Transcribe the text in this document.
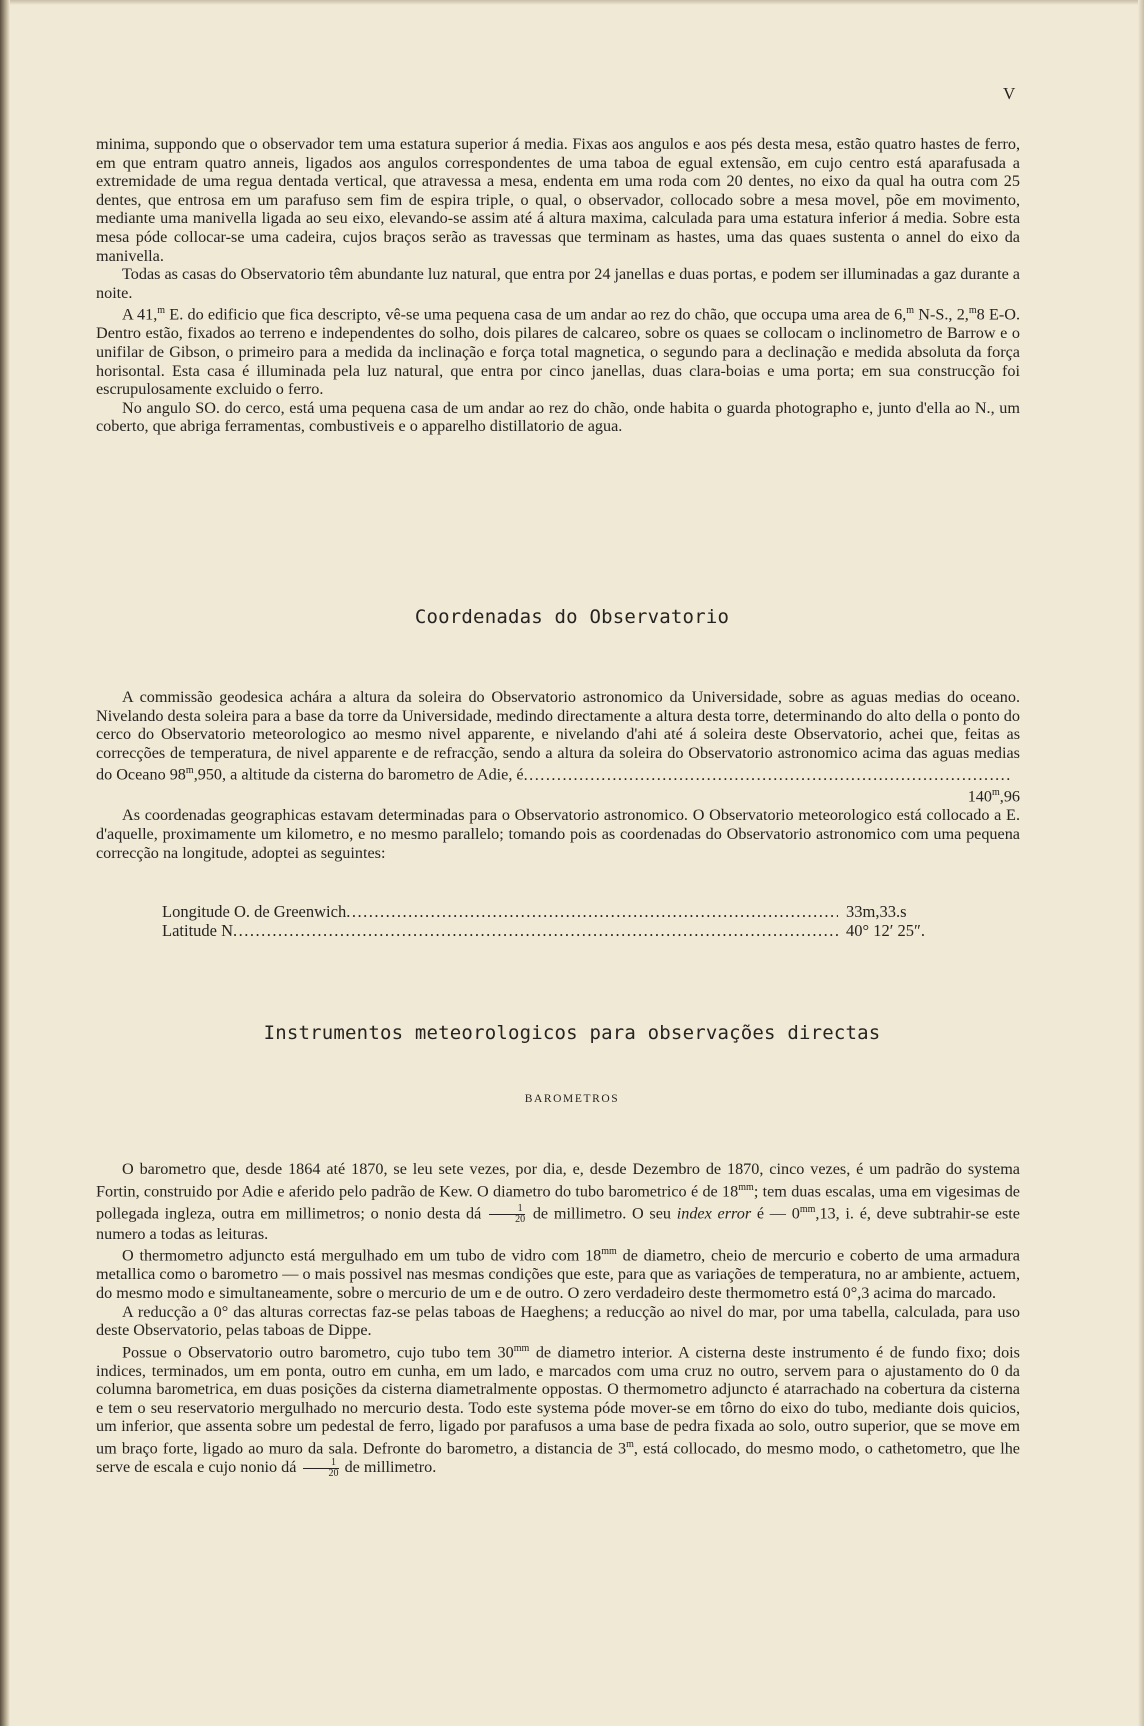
V

minima, suppondo que o observador tem uma estatura superior á media. Fixas aos angulos e aos pés desta mesa, estão quatro hastes de ferro, em que entram quatro anneis, ligados aos angulos correspondentes de uma taboa de egual extensão, em cujo centro está aparafusada a extremidade de uma regua dentada vertical, que atravessa a mesa, endenta em uma roda com 20 dentes, no eixo da qual ha outra com 25 dentes, que entrosa em um parafuso sem fim de espira triple, o qual, o observador, collocado sobre a mesa movel, põe em movimento, mediante uma manivella ligada ao seu eixo, elevando-se assim até á altura maxima, calculada para uma estatura inferior á media. Sobre esta mesa póde collocar-se uma cadeira, cujos braços serão as travessas que terminam as hastes, uma das quaes sustenta o annel do eixo da manivella.

Todas as casas do Observatorio têm abundante luz natural, que entra por 24 janellas e duas portas, e podem ser illuminadas a gaz durante a noite.

A 41,$^m$ E. do edificio que fica descripto, vê-se uma pequena casa de um andar ao rez do chão, que occupa uma area de 6,$^m$ N-S., 2,$^m$8 E-O. Dentro estão, fixados ao terreno e independentes do solho, dois pilares de calcareo, sobre os quaes se collocam o inclinometro de Barrow e o unifilar de Gibson, o primeiro para a medida da inclinação e força total magnetica, o segundo para a declinação e medida absoluta da força horisontal. Esta casa é illuminada pela luz natural, que entra por cinco janellas, duas clara-boias e uma porta; em sua construcção foi escrupulosamente excluido o ferro.

No angulo SO. do cerco, está uma pequena casa de um andar ao rez do chão, onde habita o guarda photographo e, junto d'ella ao N., um coberto, que abriga ferramentas, combustiveis e o apparelho distillatorio de agua.

Coordenadas do Observatorio

A commissão geodesica achára a altura da soleira do Observatorio astronomico da Universidade, sobre as aguas medias do oceano. Nivelando desta soleira para a base da torre da Universidade, medindo directamente a altura desta torre, determinando do alto della o ponto do cerco do Observatorio meteorologico ao mesmo nivel apparente, e nivelando d'ahi até á soleira deste Observatorio, achei que, feitas as correcções de temperatura, de nivel apparente e de refracção, sendo a altura da soleira do Observatorio astronomico acima das aguas medias do Oceano 98$^m$,950, a altitude da cisterna do barometro de Adie, é .....
140$^m$,96

As coordenadas geographicas estavam determinadas para o Observatorio astronomico. O Observatorio meteorologico está collocado a E. d'aquelle, proximamente um kilometro, e no mesmo parallelo; tomando pois as coordenadas do Observatorio astronomico com uma pequena correcção na longitude, adoptei as seguintes:

Longitude O. de Greenwich .....	33m,33.s
Latitude N .....	40° 12′ 25″.
Instrumentos meteorologicos para observações directas
BAROMETROS

O barometro que, desde 1864 até 1870, se leu sete vezes, por dia, e, desde Dezembro de 1870, cinco vezes, é um padrão do systema Fortin, construido por Adie e aferido pelo padrão de Kew. O diametro do tubo barometrico é de $18^{mm}$; tem duas escalas, uma em vigesimas de pollegada ingleza, outra em millimetros; o nonio desta dá $\frac{1}{20}$ de millimetro. O seu index error é — $0^{mm},13$, i. é, deve subtrahir-se este numero a todas as leituras.

O thermometro adjuncto está mergulhado em um tubo de vidro com $18^{mm}$ de diametro, cheio de mercurio e coberto de uma armadura metallica como o barometro — o mais possivel nas mesmas condições que este, para que as variações de temperatura, no ar ambiente, actuem, do mesmo modo e simultaneamente, sobre o mercurio de um e de outro. O zero verdadeiro deste thermometro está 0°,3 acima do marcado.

A reducção a 0° das alturas correctas faz-se pelas taboas de Haeghens; a reducção ao nivel do mar, por uma tabella, calculada, para uso deste Observatorio, pelas taboas de Dippe.

Possue o Observatorio outro barometro, cujo tubo tem $30^{mm}$ de diametro interior. A cisterna deste instrumento é de fundo fixo; dois indices, terminados, um em ponta, outro em cunha, em um lado, e marcados com uma cruz no outro, servem para o ajustamento do 0 da columna barometrica, em duas posições da cisterna diametralmente oppostas. O thermometro adjuncto é atarrachado na cobertura da cisterna e tem o seu reservatorio mergulhado no mercurio desta. Todo este systema póde mover-se em tôrno do eixo do tubo, mediante dois quicios, um inferior, que assenta sobre um pedestal de ferro, ligado por parafusos a uma base de pedra fixada ao solo, outro superior, que se move em um braço forte, ligado ao muro da sala. Defronte do barometro, a distancia de 3$^m$, está collocado, do mesmo modo, o cathetometro, que lhe serve de escala e cujo nonio dá $\frac{1}{20}$ de millimetro.
